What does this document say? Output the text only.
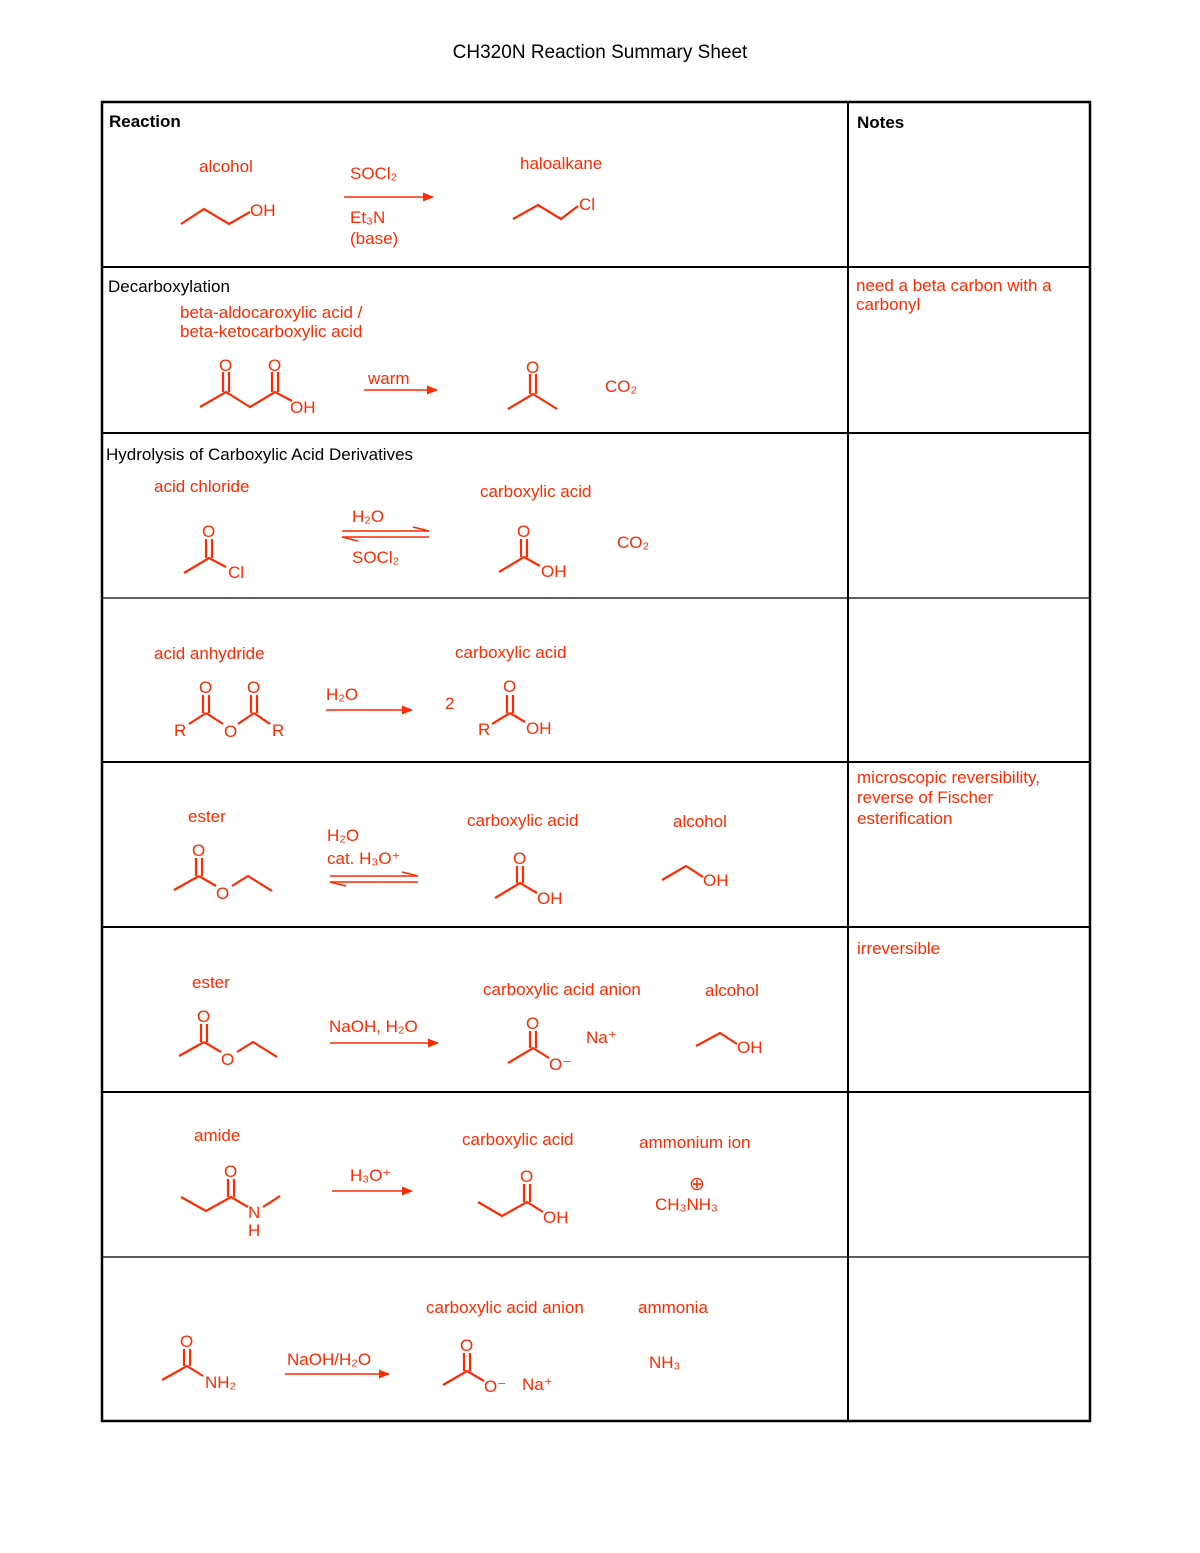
CH320N Reaction Summary Sheet
Reaction	Notes
alcohol
OH
SOCl₂
Et₃N
(base)
haloalkane
Cl
Decarboxylation
beta-aldocaroxylic acid /
beta-ketocarboxylic acid
O O
OH
warm
O
CO₂
need a beta carbon with a
carbonyl
Hydrolysis of Carboxylic Acid Derivatives
acid chloride
O
Cl
H₂O
SOCl₂
carboxylic acid
O
OH
CO₂
acid anhydride
O O
R O R
H₂O	2
carboxylic acid
O
R OH
ester
O
O
H₂O
cat. H₃O⁺
carboxylic acid
O
OH
alcohol
OH
microscopic reversibility,
reverse of Fischer
esterification
ester
O
O
NaOH, H₂O
carboxylic acid anion
O
O⁻
Na⁺
alcohol
OH
irreversible
amide
O
N
H
H₃O⁺
carboxylic acid
O
OH
ammonium ion
⊕
CH₃NH₃
O
NH₂
NaOH/H₂O
carboxylic acid anion
O
O⁻ Na⁺
ammonia
NH₃
